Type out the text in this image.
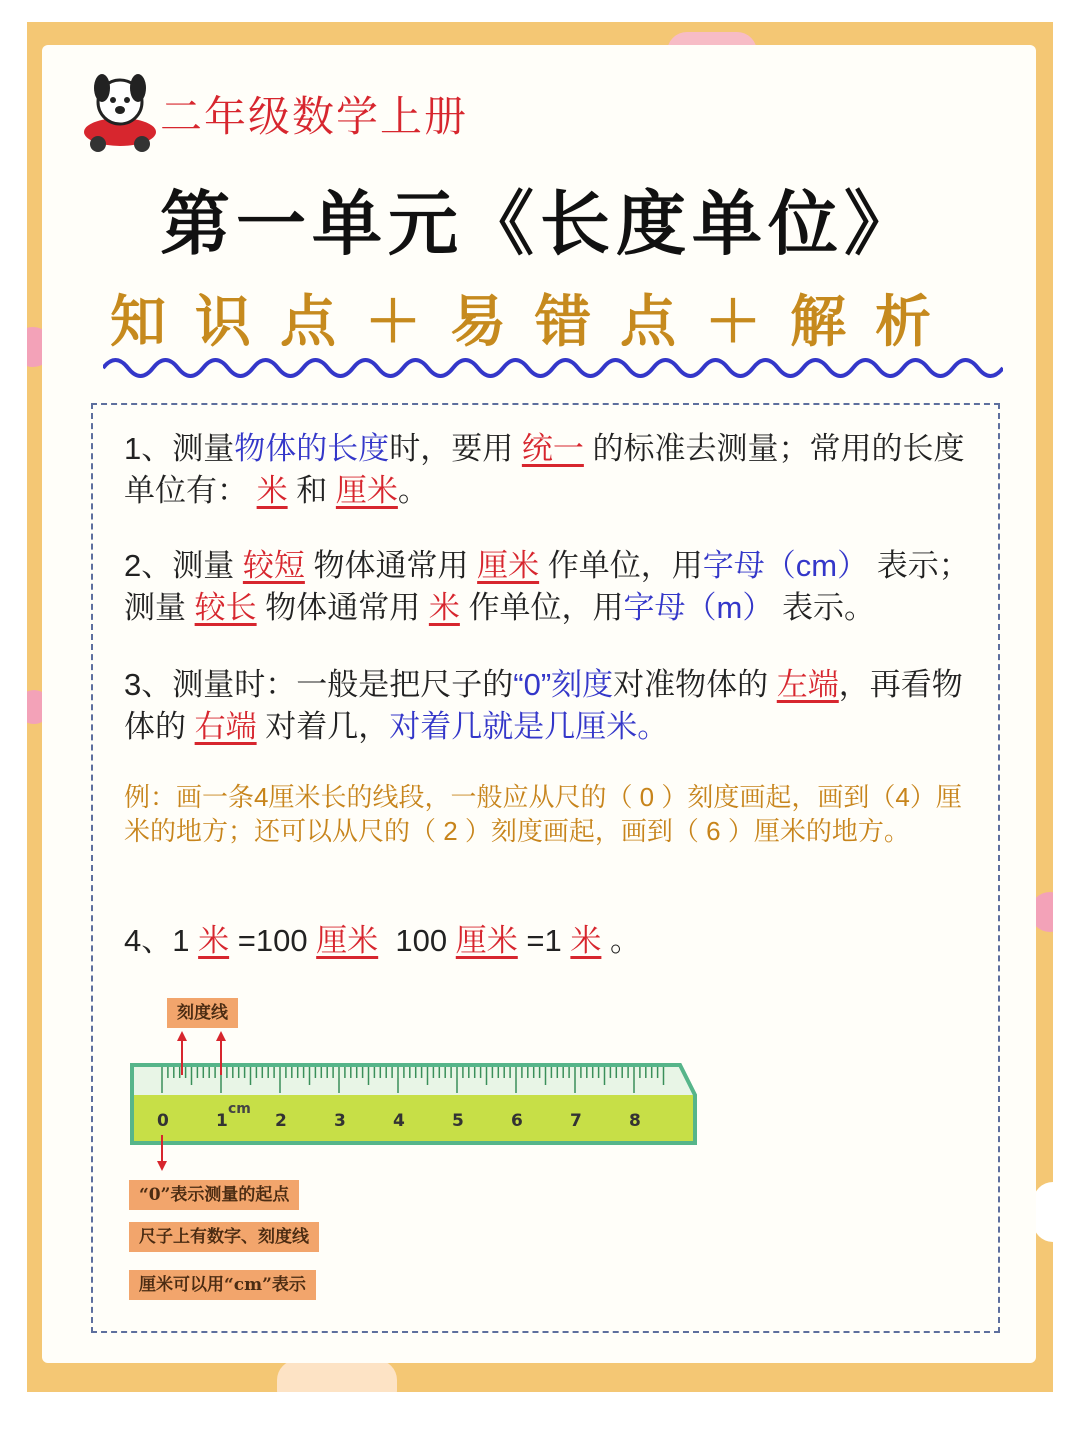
二年级数学上册
第一单元《长度单位》
知识点＋易错点＋解析
1、测量物体的长度时，要用 统一 的标准去测量；常用的长度单位有： 米 和 厘米。
2、测量 较短 物体通常用 厘米 作单位，用字母（cm） 表示；测量 较长 物体通常用 米 作单位，用字母（m） 表示。
3、测量时：一般是把尺子的“0”刻度对准物体的 左端，再看物体的 右端 对着几，对着几就是几厘米。
例：画一条4厘米长的线段，一般应从尺的（ 0 ）刻度画起，画到（4）厘米的地方；还可以从尺的（ 2 ）刻度画起，画到（ 6 ）厘米的地方。
4、1 米 =100 厘米 100 厘米 =1 米 。
刻度线
0	1	2	3	4	5	6	7	8
cm
“0”表示测量的起点
尺子上有数字、刻度线
厘米可以用“cm”表示
